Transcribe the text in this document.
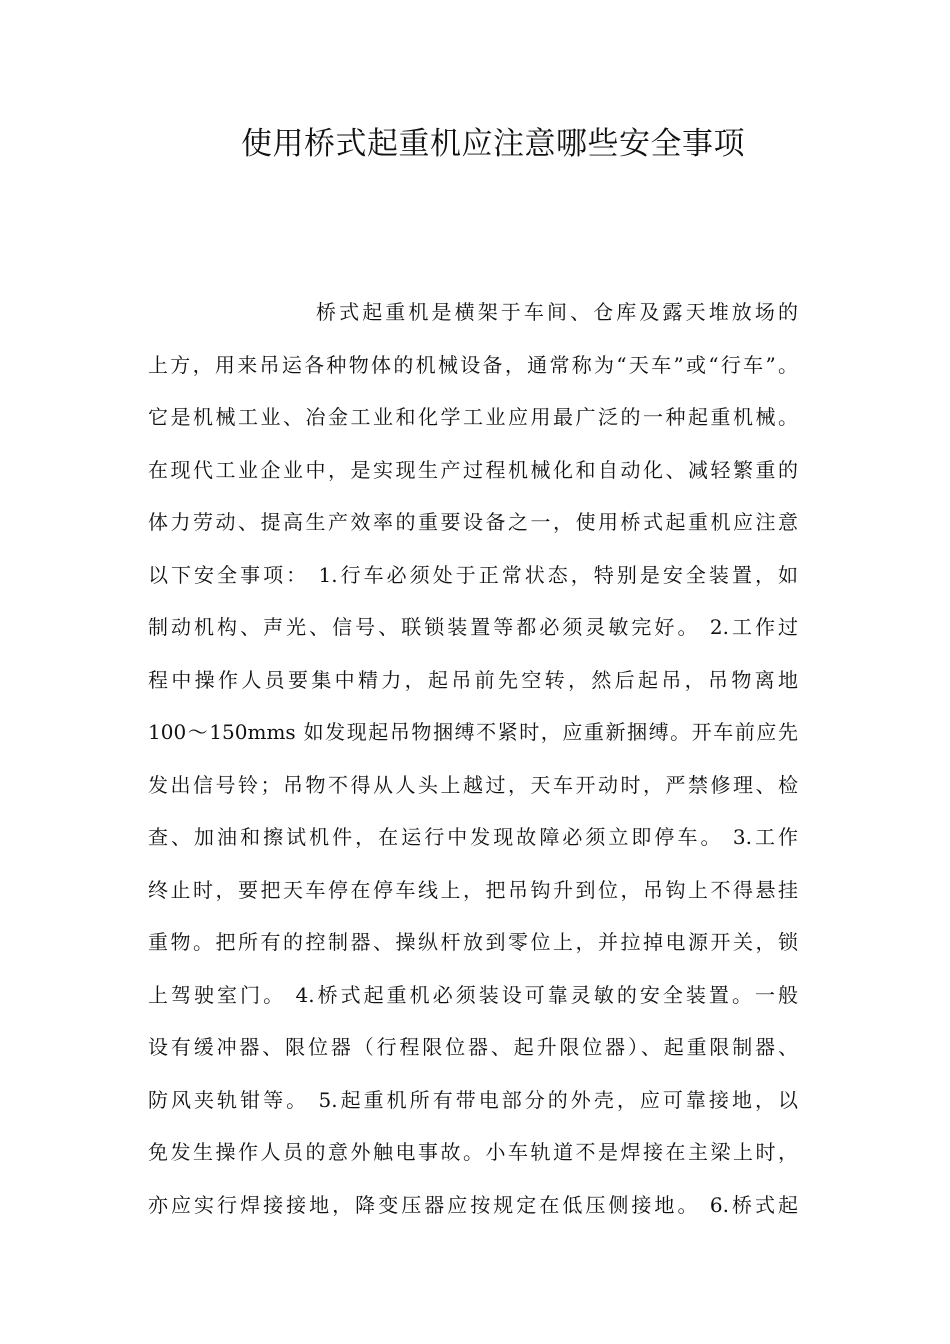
使用桥式起重机应注意哪些安全事项
桥式起重机是横架于车间、仓库及露天堆放场的
上方，用来吊运各种物体的机械设备，通常称为“天车”或“行车”。
它是机械工业、冶金工业和化学工业应用最广泛的一种起重机械。
在现代工业企业中，是实现生产过程机械化和自动化、减轻繁重的
体力劳动、提高生产效率的重要设备之一，使用桥式起重机应注意
以下安全事项： 1.行车必须处于正常状态，特别是安全装置，如
制动机构、声光、信号、联锁装置等都必须灵敏完好。 2.工作过
程中操作人员要集中精力，起吊前先空转，然后起吊，吊物离地
100～150mms 如发现起吊物捆缚不紧时，应重新捆缚。开车前应先
发出信号铃；吊物不得从人头上越过，天车开动时，严禁修理、检
查、加油和擦试机件，在运行中发现故障必须立即停车。 3.工作
终止时，要把天车停在停车线上，把吊钩升到位，吊钩上不得悬挂
重物。把所有的控制器、操纵杆放到零位上，并拉掉电源开关，锁
上驾驶室门。 4.桥式起重机必须装设可靠灵敏的安全装置。一般
设有缓冲器、限位器（行程限位器、起升限位器）、起重限制器、
防风夹轨钳等。 5.起重机所有带电部分的外壳，应可靠接地，以
免发生操作人员的意外触电事故。小车轨道不是焊接在主梁上时，
亦应实行焊接接地，降变压器应按规定在低压侧接地。 6.桥式起
